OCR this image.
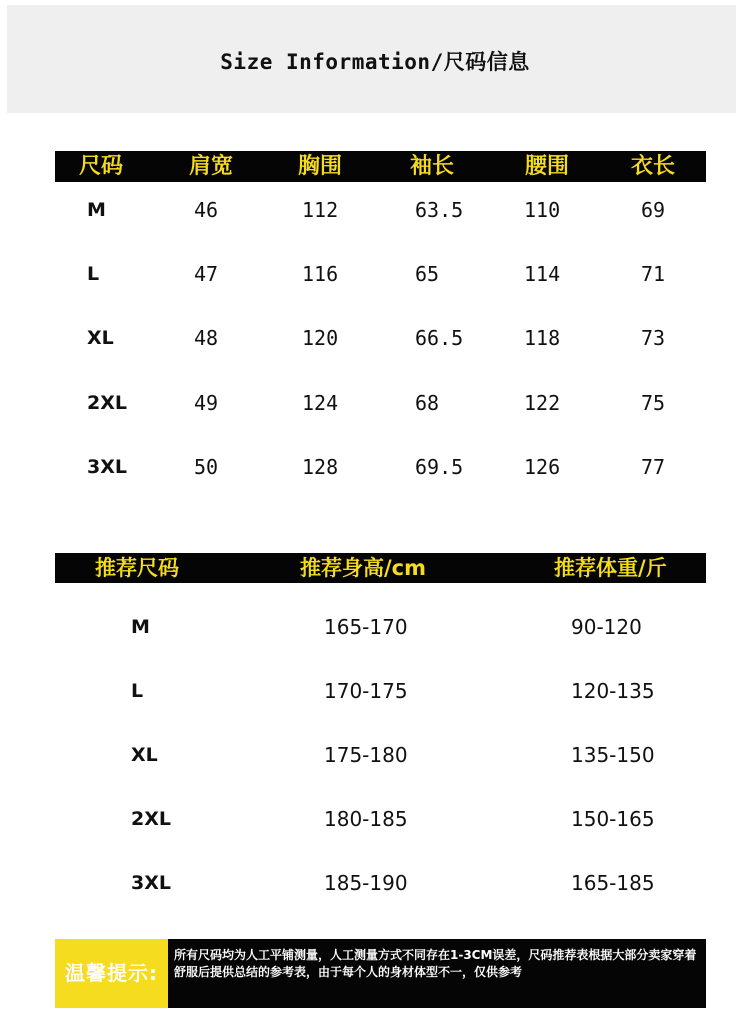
Size Information/尺码信息
尺码	肩宽	胸围	袖长	腰围	衣长
M	46	112	63.5	110	69
L	47	116	65	114	71
XL	48	120	66.5	118	73
2XL	49	124	68	122	75
3XL	50	128	69.5	126	77
推荐尺码	推荐身高/cm	推荐体重/斤
M	165-170	90-120
L	170-175	120-135
XL	175-180	135-150
2XL	180-185	150-165
3XL	185-190	165-185
温馨提示:
所有尺码均为人工平铺测量，人工测量方式不同存在1-3CM误差，尺码推荐表根据大部分卖家穿着舒服后提供总结的参考表，由于每个人的身材体型不一，仅供参考
